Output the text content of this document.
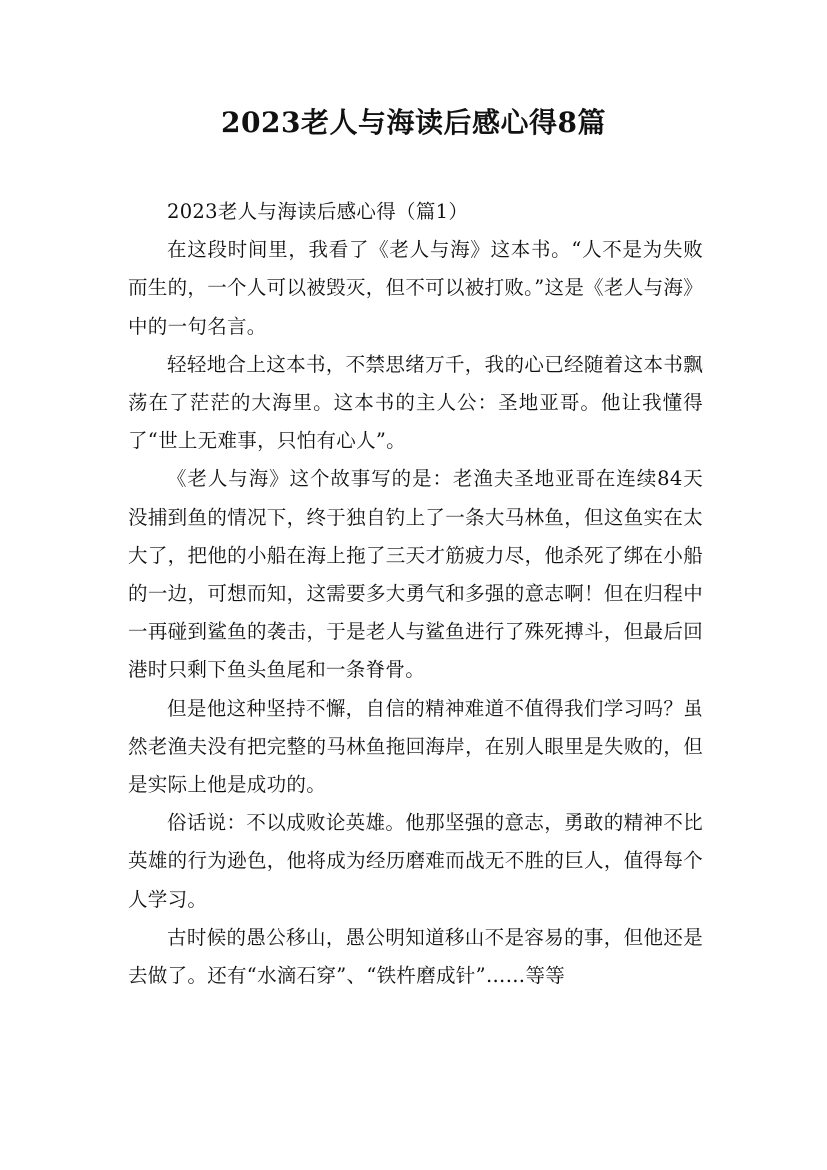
2023老人与海读后感心得8篇

2023老人与海读后感心得（篇1）

在这段时间里，我看了《老人与海》这本书。“人不是为失败而生的，一个人可以被毁灭，但不可以被打败。”这是《老人与海》中的一句名言。

轻轻地合上这本书，不禁思绪万千，我的心已经随着这本书飘荡在了茫茫的大海里。这本书的主人公：圣地亚哥。他让我懂得了“世上无难事，只怕有心人”。

《老人与海》这个故事写的是：老渔夫圣地亚哥在连续84天没捕到鱼的情况下，终于独自钓上了一条大马林鱼，但这鱼实在太大了，把他的小船在海上拖了三天才筋疲力尽，他杀死了绑在小船的一边，可想而知，这需要多大勇气和多强的意志啊！但在归程中一再碰到鲨鱼的袭击，于是老人与鲨鱼进行了殊死搏斗，但最后回港时只剩下鱼头鱼尾和一条脊骨。

但是他这种坚持不懈，自信的精神难道不值得我们学习吗？虽然老渔夫没有把完整的马林鱼拖回海岸，在别人眼里是失败的，但是实际上他是成功的。

俗话说：不以成败论英雄。他那坚强的意志，勇敢的精神不比英雄的行为逊色，他将成为经历磨难而战无不胜的巨人，值得每个人学习。

古时候的愚公移山，愚公明知道移山不是容易的事，但他还是去做了。还有“水滴石穿”、“铁杵磨成针”……等等
